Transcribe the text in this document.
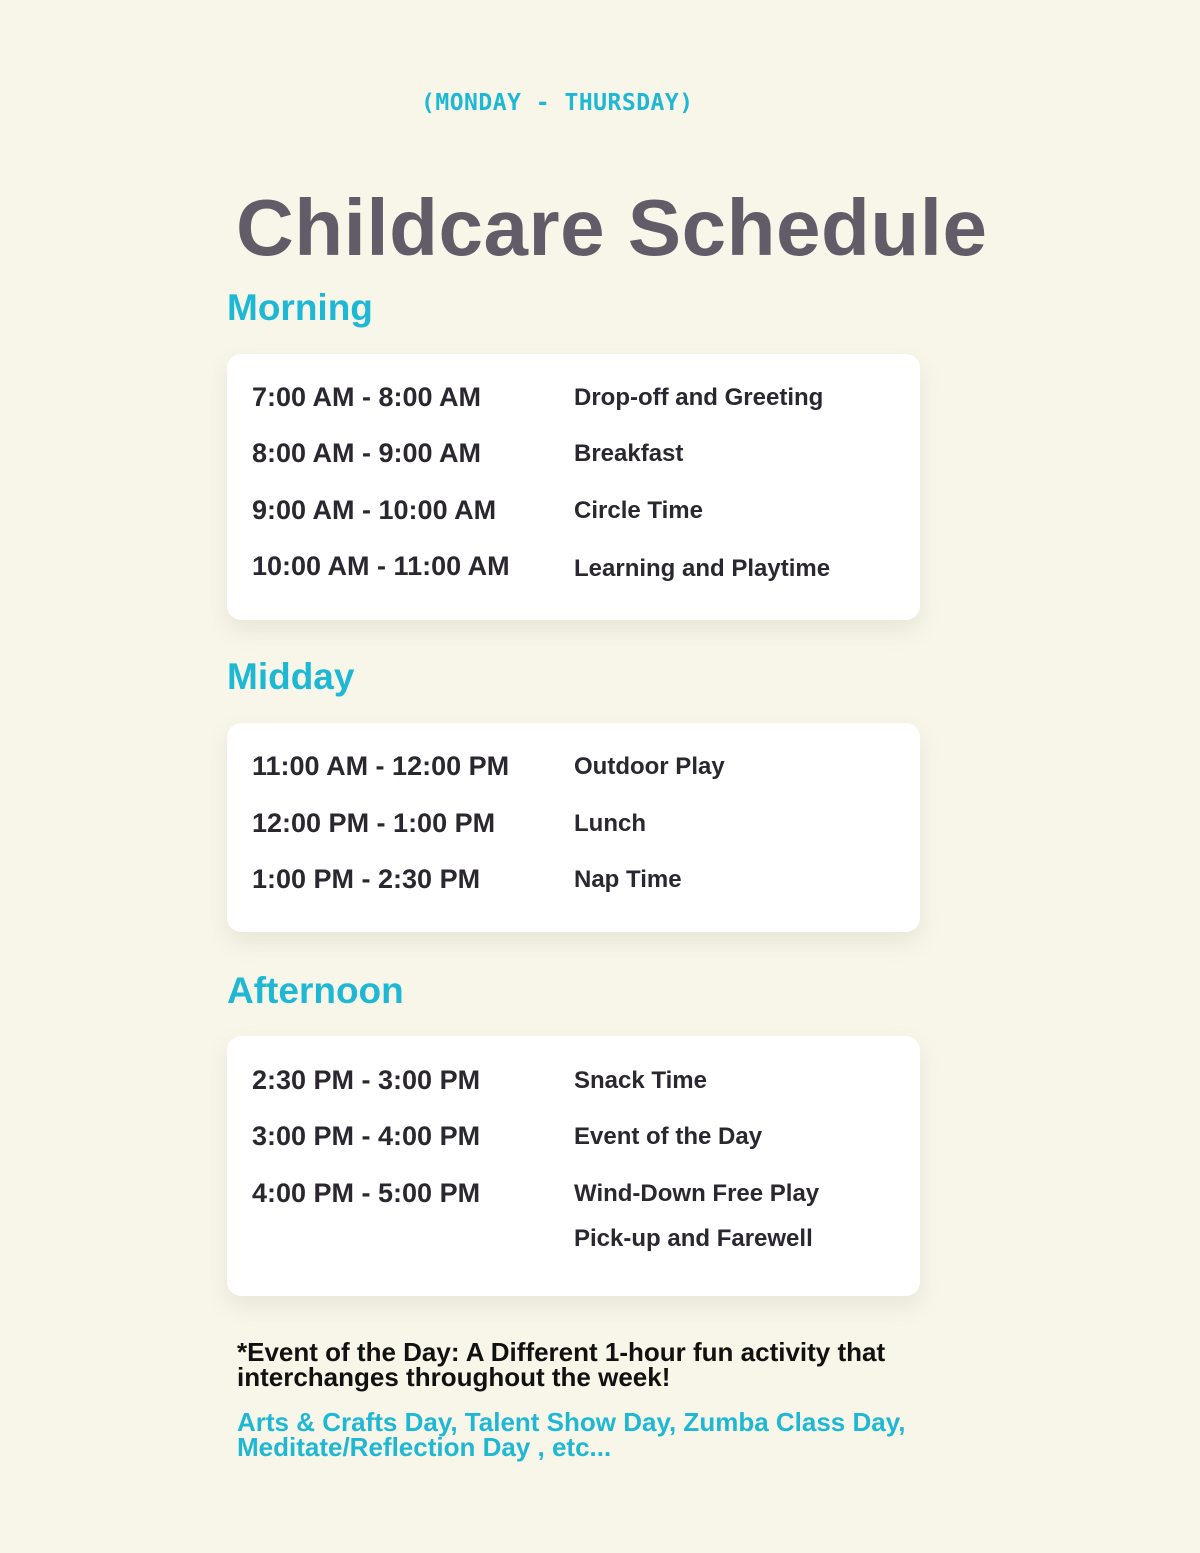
(MONDAY - THURSDAY)
Childcare Schedule
Morning
7:00 AM - 8:00 AM	Drop-off and Greeting
8:00 AM - 9:00 AM	Breakfast
9:00 AM - 10:00 AM	Circle Time
10:00 AM - 11:00 AM	Learning and Playtime
Midday
11:00 AM - 12:00 PM	Outdoor Play
12:00 PM - 1:00 PM	Lunch
1:00 PM - 2:30 PM	Nap Time
Afternoon
2:30 PM - 3:00 PM	Snack Time
3:00 PM - 4:00 PM	Event of the Day
4:00 PM - 5:00 PM	Wind-Down Free Play
Pick-up and Farewell
*Event of the Day: A Different 1-hour fun activity that interchanges throughout the week!
Arts & Crafts Day, Talent Show Day, Zumba Class Day, Meditate/Reflection Day , etc...
